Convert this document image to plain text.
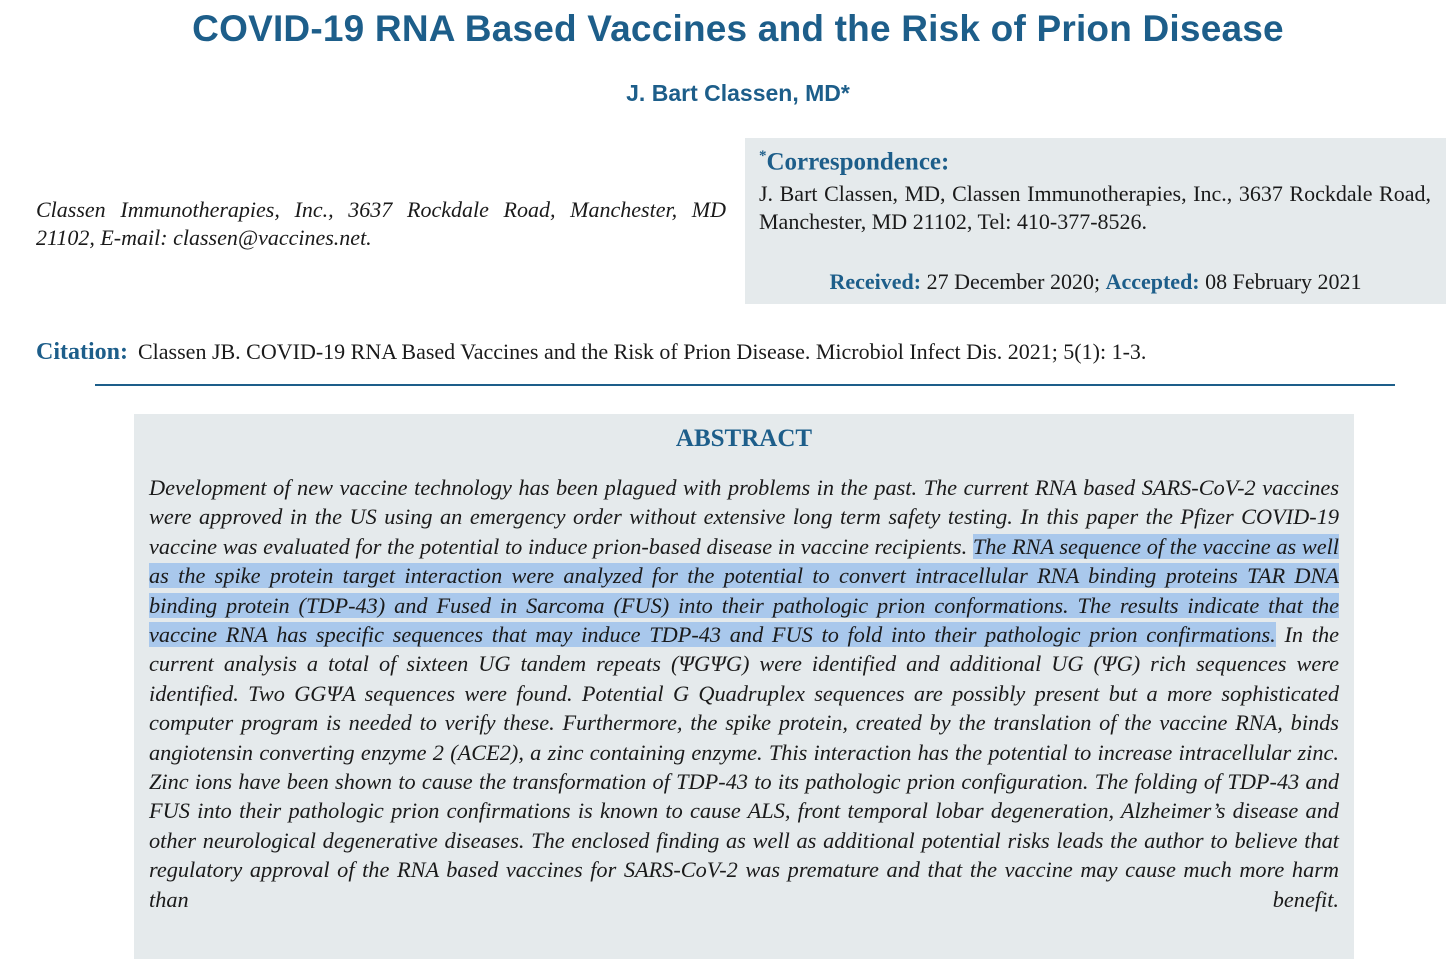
COVID-19 RNA Based Vaccines and the Risk of Prion Disease
J. Bart Classen, MD*

Classen Immunotherapies, Inc., 3637 Rockdale Road, Manchester, MD 21102, E-mail: classen@vaccines.net.

*Correspondence:

J. Bart Classen, MD, Classen Immunotherapies, Inc., 3637 Rockdale Road, Manchester, MD 21102, Tel: 410-377-8526.

Received: 27 December 2020; Accepted: 08 February 2021

Citation: Classen JB. COVID-19 RNA Based Vaccines and the Risk of Prion Disease. Microbiol Infect Dis. 2021; 5(1): 1-3.

ABSTRACT

Development of new vaccine technology has been plagued with problems in the past. The current RNA based SARS-CoV-2 vaccines were approved in the US using an emergency order without extensive long term safety testing. In this paper the Pfizer COVID-19 vaccine was evaluated for the potential to induce prion-based disease in vaccine recipients. The RNA sequence of the vaccine as well as the spike protein target interaction were analyzed for the potential to convert intracellular RNA binding proteins TAR DNA binding protein (TDP-43) and Fused in Sarcoma (FUS) into their pathologic prion conformations. The results indicate that the vaccine RNA has specific sequences that may induce TDP-43 and FUS to fold into their pathologic prion confirmations. In the current analysis a total of sixteen UG tandem repeats (ΨGΨG) were identified and additional UG (ΨG) rich sequences were identified. Two GGΨA sequences were found. Potential G Quadruplex sequences are possibly present but a more sophisticated computer program is needed to verify these. Furthermore, the spike protein, created by the translation of the vaccine RNA, binds angiotensin converting enzyme 2 (ACE2), a zinc containing enzyme. This interaction has the potential to increase intracellular zinc. Zinc ions have been shown to cause the transformation of TDP-43 to its pathologic prion configuration. The folding of TDP-43 and FUS into their pathologic prion confirmations is known to cause ALS, front temporal lobar degeneration, Alzheimer’s disease and other neurological degenerative diseases. The enclosed finding as well as additional potential risks leads the author to believe that regulatory approval of the RNA based vaccines for SARS-CoV-2 was premature and that the vaccine may cause much more harm than benefit.
